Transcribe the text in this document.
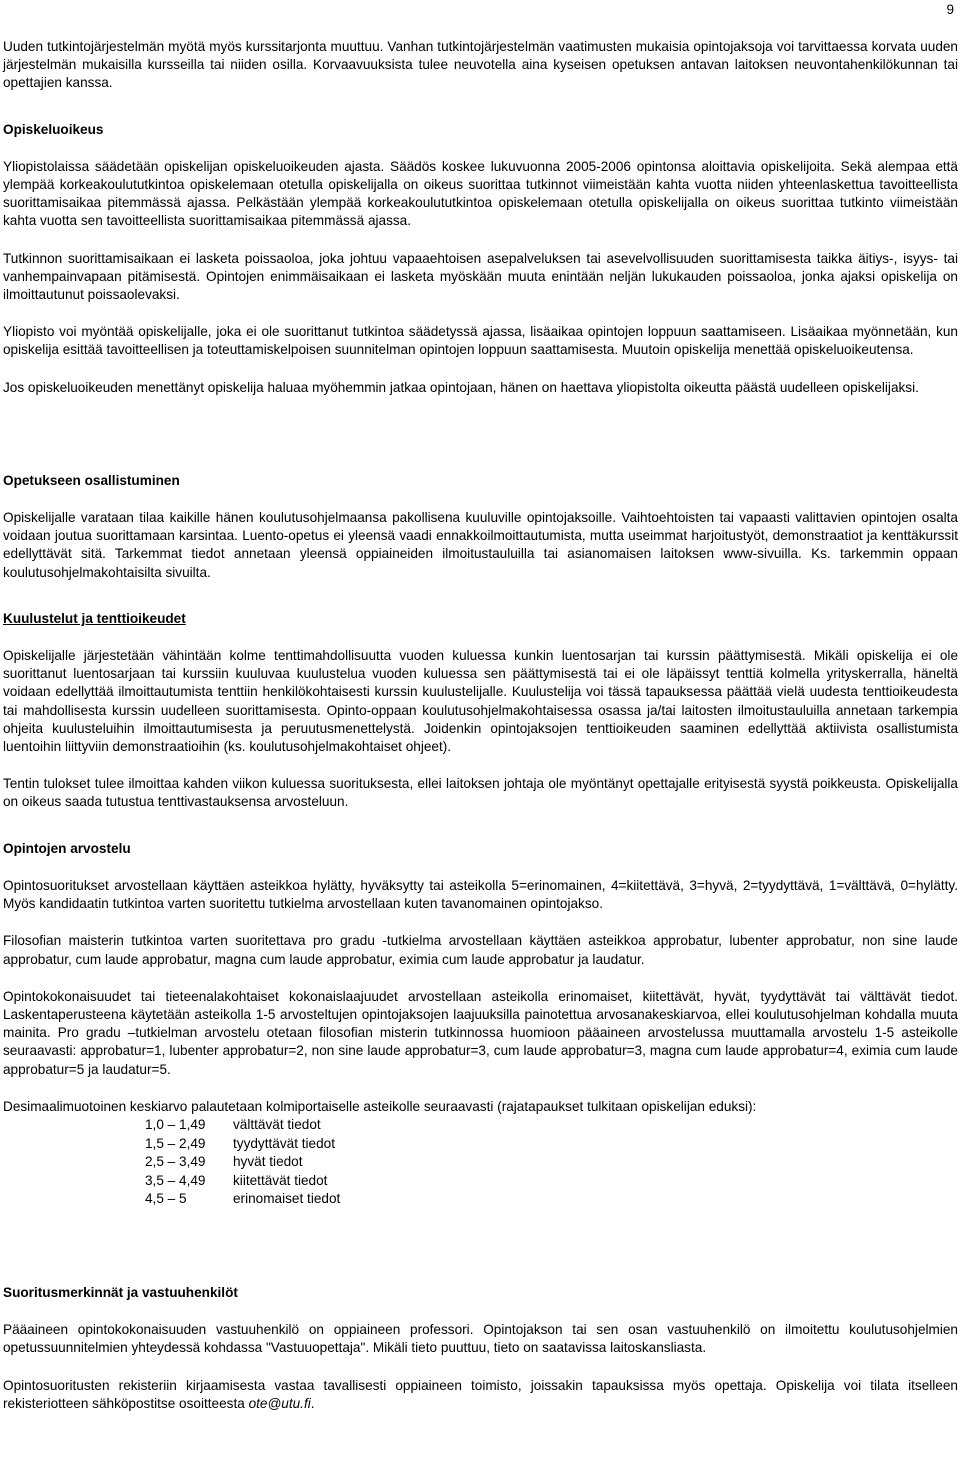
9

Uuden tutkintojärjestelmän myötä myös kurssitarjonta muuttuu. Vanhan tutkintojärjestelmän vaatimusten mukaisia opintojaksoja voi tarvittaessa korvata uuden järjestelmän mukaisilla kursseilla tai niiden osilla. Korvaavuuksista tulee neuvotella aina kyseisen opetuksen antavan laitoksen neuvontahenkilökunnan tai opettajien kanssa.

Opiskeluoikeus

Yliopistolaissa säädetään opiskelijan opiskeluoikeuden ajasta. Säädös koskee lukuvuonna 2005-2006 opintonsa aloittavia opiskelijoita. Sekä alempaa että ylempää korkeakoulututkintoa opiskelemaan otetulla opiskelijalla on oikeus suorittaa tutkinnot viimeistään kahta vuotta niiden yhteenlaskettua tavoitteellista suorittamisaikaa pitemmässä ajassa. Pelkästään ylempää korkeakoulututkintoa opiskelemaan otetulla opiskelijalla on oikeus suorittaa tutkinto viimeistään kahta vuotta sen tavoitteellista suorittamisaikaa pitemmässä ajassa.

Tutkinnon suorittamisaikaan ei lasketa poissaoloa, joka johtuu vapaaehtoisen asepalveluksen tai asevelvollisuuden suorittamisesta taikka äitiys-, isyys- tai vanhempainvapaan pitämisestä. Opintojen enimmäisaikaan ei lasketa myöskään muuta enintään neljän lukukauden poissaoloa, jonka ajaksi opiskelija on ilmoittautunut poissaolevaksi.

Yliopisto voi myöntää opiskelijalle, joka ei ole suorittanut tutkintoa säädetyssä ajassa, lisäaikaa opintojen loppuun saattamiseen. Lisäaikaa myönnetään, kun opiskelija esittää tavoitteellisen ja toteuttamiskelpoisen suunnitelman opintojen loppuun saattamisesta. Muutoin opiskelija menettää opiskeluoikeutensa.

Jos opiskeluoikeuden menettänyt opiskelija haluaa myöhemmin jatkaa opintojaan, hänen on haettava yliopistolta oikeutta päästä uudelleen opiskelijaksi.

Opetukseen osallistuminen

Opiskelijalle varataan tilaa kaikille hänen koulutusohjelmaansa pakollisena kuuluville opintojaksoille. Vaihtoehtoisten tai vapaasti valittavien opintojen osalta voidaan joutua suorittamaan karsintaa. Luento-opetus ei yleensä vaadi ennakkoilmoittautumista, mutta useimmat harjoitustyöt, demonstraatiot ja kenttäkurssit edellyttävät sitä. Tarkemmat tiedot annetaan yleensä oppiaineiden ilmoitustauluilla tai asianomaisen laitoksen www-sivuilla. Ks. tarkemmin oppaan koulutusohjelmakohtaisilta sivuilta.

Kuulustelut ja tenttioikeudet

Opiskelijalle järjestetään vähintään kolme tenttimahdollisuutta vuoden kuluessa kunkin luentosarjan tai kurssin päättymisestä. Mikäli opiskelija ei ole suorittanut luentosarjaan tai kurssiin kuuluvaa kuulustelua vuoden kuluessa sen päättymisestä tai ei ole läpäissyt tenttiä kolmella yrityskerralla, häneltä voidaan edellyttää ilmoittautumista tenttiin henkilökohtaisesti kurssin kuulustelijalle. Kuulustelija voi tässä tapauksessa päättää vielä uudesta tenttioikeudesta tai mahdollisesta kurssin uudelleen suorittamisesta. Opinto-oppaan koulutusohjelmakohtaisessa osassa ja/tai laitosten ilmoitustauluilla annetaan tarkempia ohjeita kuulusteluihin ilmoittautumisesta ja peruutusmenettelystä. Joidenkin opintojaksojen tenttioikeuden saaminen edellyttää aktiivista osallistumista luentoihin liittyviin demonstraatioihin (ks. koulutusohjelmakohtaiset ohjeet).

Tentin tulokset tulee ilmoittaa kahden viikon kuluessa suorituksesta, ellei laitoksen johtaja ole myöntänyt opettajalle erityisestä syystä poikkeusta. Opiskelijalla on oikeus saada tutustua tenttivastauksensa arvosteluun.

Opintojen arvostelu

Opintosuoritukset arvostellaan käyttäen asteikkoa hylätty, hyväksytty tai asteikolla 5=erinomainen, 4=kiitettävä, 3=hyvä, 2=tyydyttävä, 1=välttävä, 0=hylätty. Myös kandidaatin tutkintoa varten suoritettu tutkielma arvostellaan kuten tavanomainen opintojakso.

Filosofian maisterin tutkintoa varten suoritettava pro gradu -tutkielma arvostellaan käyttäen asteikkoa approbatur, lubenter approbatur, non sine laude approbatur, cum laude approbatur, magna cum laude approbatur, eximia cum laude approbatur ja laudatur.

Opintokokonaisuudet tai tieteenalakohtaiset kokonaislaajuudet arvostellaan asteikolla erinomaiset, kiitettävät, hyvät, tyydyttävät tai välttävät tiedot. Laskentaperusteena käytetään asteikolla 1-5 arvosteltujen opintojaksojen laajuuksilla painotettua arvosanakeskiarvoa, ellei koulutusohjelman kohdalla muuta mainita. Pro gradu –tutkielman arvostelu otetaan filosofian misterin tutkinnossa huomioon pääaineen arvostelussa muuttamalla arvostelu 1-5 asteikolle seuraavasti: approbatur=1, lubenter approbatur=2, non sine laude approbatur=3, cum laude approbatur=3, magna cum laude approbatur=4, eximia cum laude approbatur=5 ja laudatur=5.

Desimaalimuotoinen keskiarvo palautetaan kolmiportaiselle asteikolle seuraavasti (rajatapaukset tulkitaan opiskelijan eduksi):

1,0 – 1,49	välttävät tiedot
1,5 – 2,49	tyydyttävät tiedot
2,5 – 3,49	hyvät tiedot
3,5 – 4,49	kiitettävät tiedot
4,5 – 5	erinomaiset tiedot
Suoritusmerkinnät ja vastuuhenkilöt

Pääaineen opintokokonaisuuden vastuuhenkilö on oppiaineen professori. Opintojakson tai sen osan vastuuhenkilö on ilmoitettu koulutusohjelmien opetussuunnitelmien yhteydessä kohdassa "Vastuuopettaja". Mikäli tieto puuttuu, tieto on saatavissa laitoskansliasta.

Opintosuoritusten rekisteriin kirjaamisesta vastaa tavallisesti oppiaineen toimisto, joissakin tapauksissa myös opettaja. Opiskelija voi tilata itselleen rekisteriotteen sähköpostitse osoitteesta ote@utu.fi.
